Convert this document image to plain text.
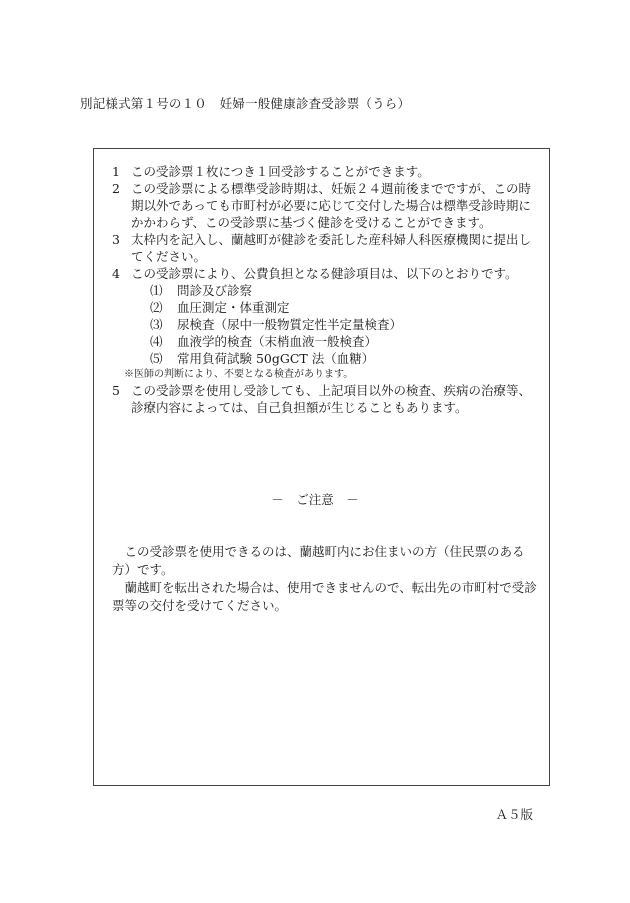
別記様式第１号の１０　妊婦一般健康診査受診票（うら）
1 この受診票１枚につき１回受診することができます。
2 この受診票による標準受診時期は、妊娠２４週前後までですが、この時期以外であっても市町村が必要に応じて交付した場合は標準受診時期にかかわらず、この受診票に基づく健診を受けることができます。
3 太枠内を記入し、蘭越町が健診を委託した産科婦人科医療機関に提出してください。
4 この受診票により、公費負担となる健診項目は、以下のとおりです。
⑴	問診及び診察
⑵	血圧測定・体重測定
⑶	尿検査（尿中一般物質定性半定量検査）
⑷	血液学的検査（末梢血液一般検査）
⑸	常用負荷試験 50gGCT 法（血糖）
※医師の判断により、不要となる検査があります。
5 この受診票を使用し受診しても、上記項目以外の検査、疾病の治療等、診療内容によっては、自己負担額が生じることもあります。
－　ご注意　－

　この受診票を使用できるのは、蘭越町内にお住まいの方（住民票のある方）です。

　蘭越町を転出された場合は、使用できませんので、転出先の市町村で受診票等の交付を受けてください。

Ａ５版
